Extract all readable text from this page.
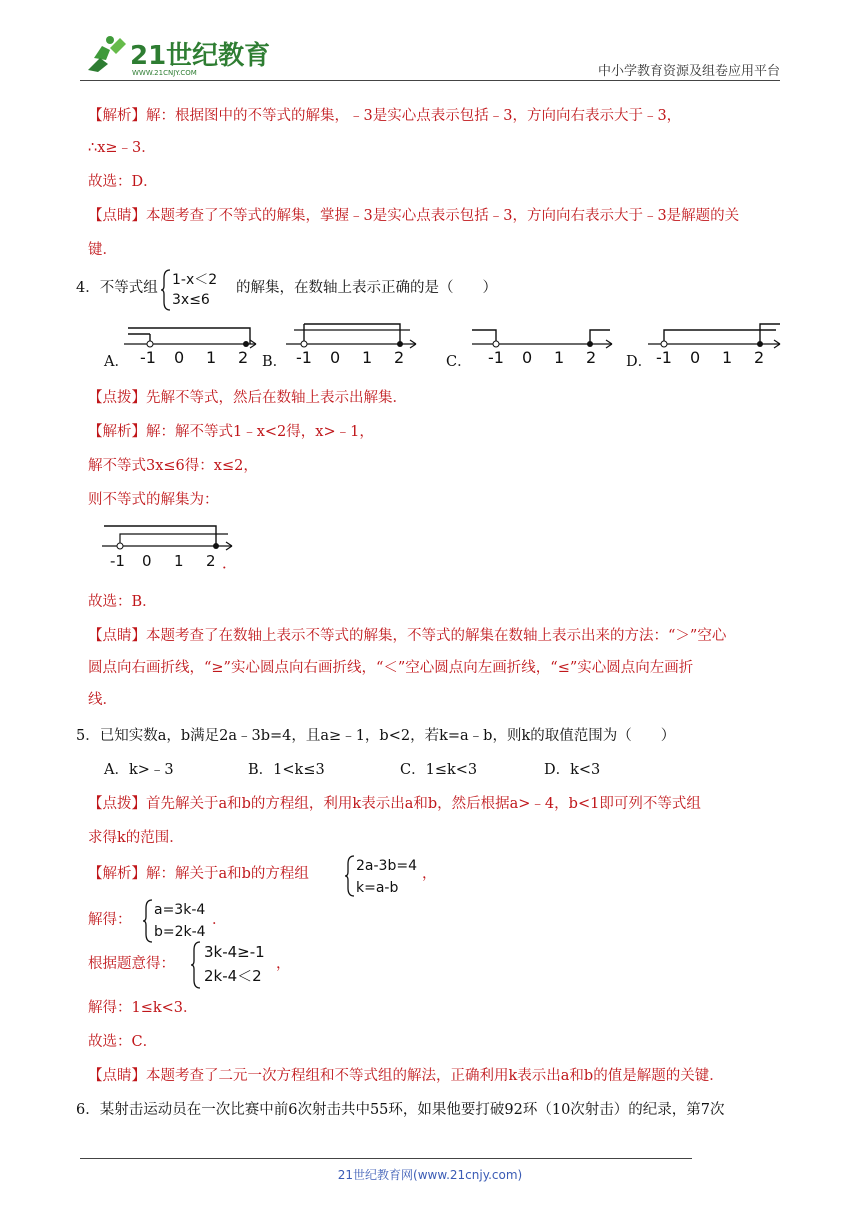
21世纪教育
WWW.21CNJY.COM	中小学教育资源及组卷应用平台
【解析】解：根据图中的不等式的解集，﹣3是实心点表示包括﹣3，方向向右表示大于﹣3，
∴x≥﹣3．
故选：D．
【点睛】本题考查了不等式的解集，掌握﹣3是实心点表示包括﹣3，方向向右表示大于﹣3是解题的关
键．
4．不等式组 1-x＜2
3x≤6
的解集，在数轴上表示正确的是（　　）
A． -1 0 1 2 B． -1 0 1 2	C． -1 0 1 2 D． -1 0 1 2
【点拨】先解不等式，然后在数轴上表示出解集．
【解析】解：解不等式1﹣x<2得，x>﹣1，
解不等式3x≤6得：x≤2，
则不等式的解集为：
-1 0 1 2 ．
故选：B．
【点睛】本题考查了在数轴上表示不等式的解集，不等式的解集在数轴上表示出来的方法：“＞”空心
圆点向右画折线，“≥”实心圆点向右画折线，“＜”空心圆点向左画折线，“≤”实心圆点向左画折
线．
5．已知实数a，b满足2a﹣3b=4，且a≥﹣1，b<2，若k=a﹣b，则k的取值范围为（　　）
A．k>﹣3	B．1<k≤3	C．1≤k<3	D．k<3
【点拨】首先解关于a和b的方程组，利用k表示出a和b，然后根据a>﹣4，b<1即可列不等式组
求得k的范围．
【解析】解：解关于a和b的方程组	2a-3b=4
k=a-b
，
解得：
a=3k-4
b=2k-4
．
根据题意得：
3k-4≥-1
2k-4＜2
，
解得：1≤k<3．
故选：C．
【点睛】本题考查了二元一次方程组和不等式组的解法，正确利用k表示出a和b的值是解题的关键．
6．某射击运动员在一次比赛中前6次射击共中55环，如果他要打破92环（10次射击）的纪录，第7次
21世纪教育网(www.21cnjy.com)
